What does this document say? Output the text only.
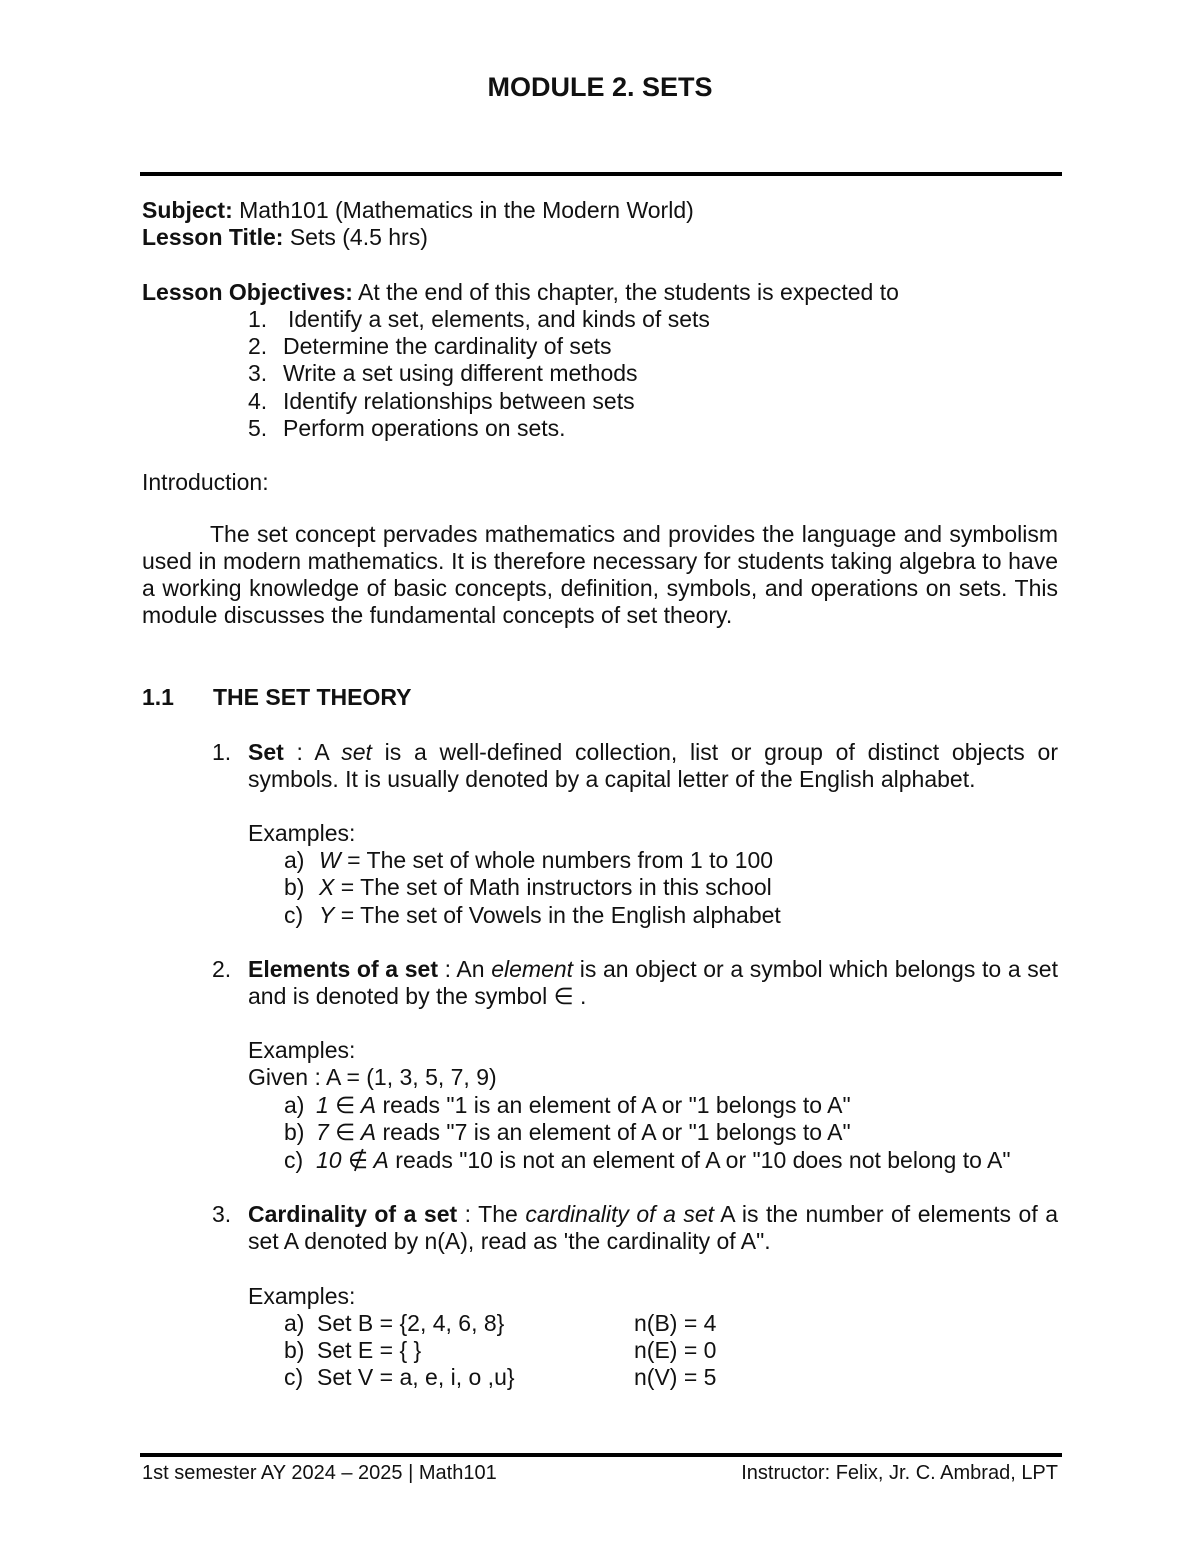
MODULE 2. SETS
Subject: Math101 (Mathematics in the Modern World)
Lesson Title: Sets (4.5 hrs)
Lesson Objectives: At the end of this chapter, the students is expected to
1. Identify a set, elements, and kinds of sets
2. Determine the cardinality of sets
3. Write a set using different methods
4. Identify relationships between sets
5. Perform operations on sets.
Introduction:
The set concept pervades mathematics and provides the language and symbolism used in modern mathematics. It is therefore necessary for students taking algebra to have a working knowledge of basic concepts, definition, symbols, and operations on sets. This module discusses the fundamental concepts of set theory.
1.1 THE SET THEORY
1. Set : A set is a well-defined collection, list or group of distinct objects or symbols. It is usually denoted by a capital letter of the English alphabet.
Examples:
a) W = The set of whole numbers from 1 to 100
b) X = The set of Math instructors in this school
c) Y = The set of Vowels in the English alphabet
2. Elements of a set : An element is an object or a symbol which belongs to a set and is denoted by the symbol ∈ .
Examples:
Given : A = (1, 3, 5, 7, 9)
a) 1 ∈ A reads "1 is an element of A or "1 belongs to A"
b) 7 ∈ A reads "7 is an element of A or "1 belongs to A"
c) 10 ∉ A reads "10 is not an element of A or "10 does not belong to A"
3. Cardinality of a set : The cardinality of a set A is the number of elements of a set A denoted by n(A), read as 'the cardinality of A".
Examples:
a) Set B = {2, 4, 6, 8}	n(B) = 4
b) Set E = { }	n(E) = 0
c) Set V = a, e, i, o ,u}	n(V) = 5
1st semester AY 2024 – 2025 | Math101	Instructor: Felix, Jr. C. Ambrad, LPT
